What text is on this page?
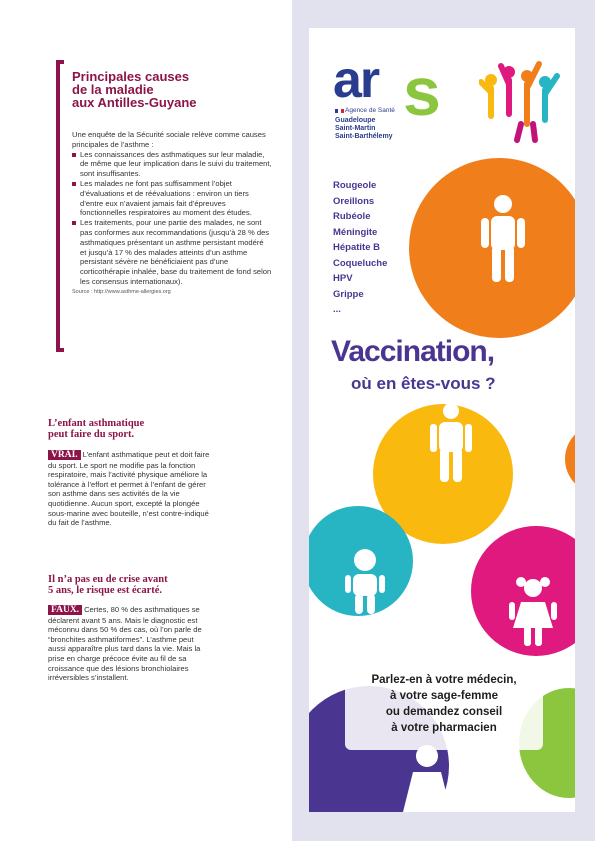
Principales causes
de la maladie
aux Antilles-Guyane

Une enquête de la Sécurité sociale relève comme causes principales de l’asthme :

Les connaissances des asthmatiques sur leur maladie, de même que leur implication dans le suivi du traitement, sont insuffisantes.
Les malades ne font pas suffisamment l’objet d’évaluations et de réévaluations : environ un tiers d’entre eux n’avaient jamais fait d’épreuves fonctionnelles respiratoires au moment des études.
Les traitements, pour une partie des malades, ne sont pas conformes aux recommandations (jusqu’à 28 % des asthmatiques présentant un asthme persistant modéré et jusqu’à 17 % des malades atteints d’un asthme persistant sévère ne bénéficiaient pas d’une corticothérapie inhalée, base du traitement de fond selon les consensus internationaux).
Source : http://www.asthme-allergies.org
L’enfant asthmatique
peut faire du sport.

VRAI. L’enfant asthmatique peut et doit faire du sport. Le sport ne modifie pas la fonction respiratoire, mais l’activité physique améliore la tolérance à l’effort et permet à l’enfant de gérer son asthme dans ses activités de la vie quotidienne. Aucun sport, excepté la plongée sous-marine avec bouteille, n’est contre-indiqué du fait de l’asthme.

Il n’a pas eu de crise avant
5 ans, le risque est écarté.

FAUX. Certes, 80 % des asthmatiques se déclarent avant 5 ans. Mais le diagnostic est méconnu dans 50 % des cas, où l’on parle de “bronchites asthmatiformes”. L’asthme peut aussi apparaître plus tard dans la vie. Mais la prise en charge précoce évite au fil de sa croissance que des lésions bronchiolaires irréversibles s’installent.

ar s
Agence de Santé
Guadeloupe
Saint-Martin
Saint-Barthélemy
Rougeole
Oreillons
Rubéole
Méningite
Hépatite B
Coqueluche
HPV
Grippe
...
Vaccination,
où en êtes-vous ?

Parlez-en à votre médecin,
à votre sage-femme
ou demandez conseil
à votre pharmacien
